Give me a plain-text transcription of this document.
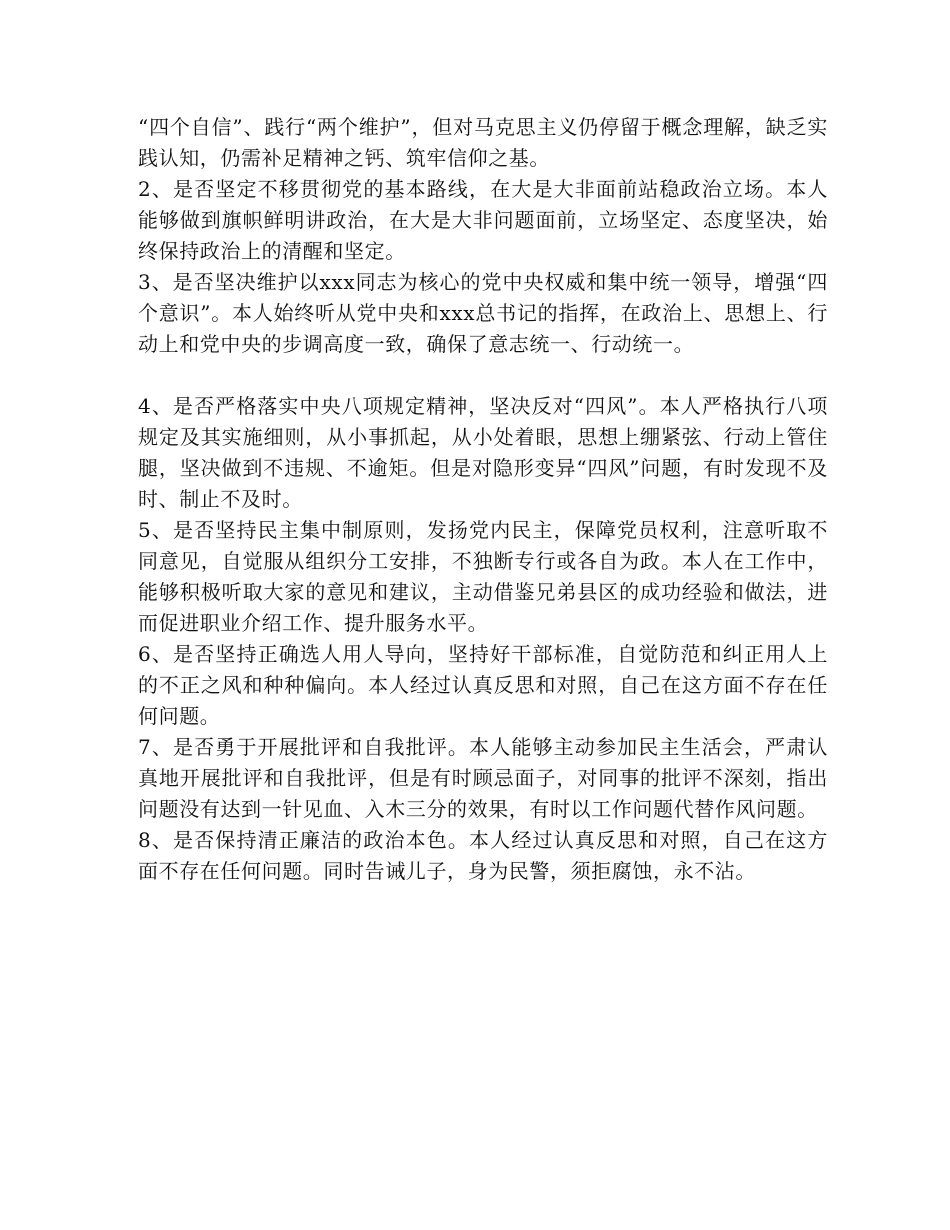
“四个自信”、践行“两个维护”，但对马克思主义仍停留于概念理解，缺乏实践认知，仍需补足精神之钙、筑牢信仰之基。

2、是否坚定不移贯彻党的基本路线，在大是大非面前站稳政治立场。本人能够做到旗帜鲜明讲政治，在大是大非问题面前，立场坚定、态度坚决，始终保持政治上的清醒和坚定。

3、是否坚决维护以xxx同志为核心的党中央权威和集中统一领导，增强“四个意识”。本人始终听从党中央和xxx总书记的指挥，在政治上、思想上、行动上和党中央的步调高度一致，确保了意志统一、行动统一。

4、是否严格落实中央八项规定精神，坚决反对“四风”。本人严格执行八项规定及其实施细则，从小事抓起，从小处着眼，思想上绷紧弦、行动上管住腿，坚决做到不违规、不逾矩。但是对隐形变异“四风”问题，有时发现不及时、制止不及时。

5、是否坚持民主集中制原则，发扬党内民主，保障党员权利，注意听取不同意见，自觉服从组织分工安排，不独断专行或各自为政。本人在工作中，能够积极听取大家的意见和建议，主动借鉴兄弟县区的成功经验和做法，进而促进职业介绍工作、提升服务水平。

6、是否坚持正确选人用人导向，坚持好干部标准，自觉防范和纠正用人上的不正之风和种种偏向。本人经过认真反思和对照，自己在这方面不存在任何问题。

7、是否勇于开展批评和自我批评。本人能够主动参加民主生活会，严肃认真地开展批评和自我批评，但是有时顾忌面子，对同事的批评不深刻，指出问题没有达到一针见血、入木三分的效果，有时以工作问题代替作风问题。

8、是否保持清正廉洁的政治本色。本人经过认真反思和对照，自己在这方面不存在任何问题。同时告诫儿子，身为民警，须拒腐蚀，永不沾。
